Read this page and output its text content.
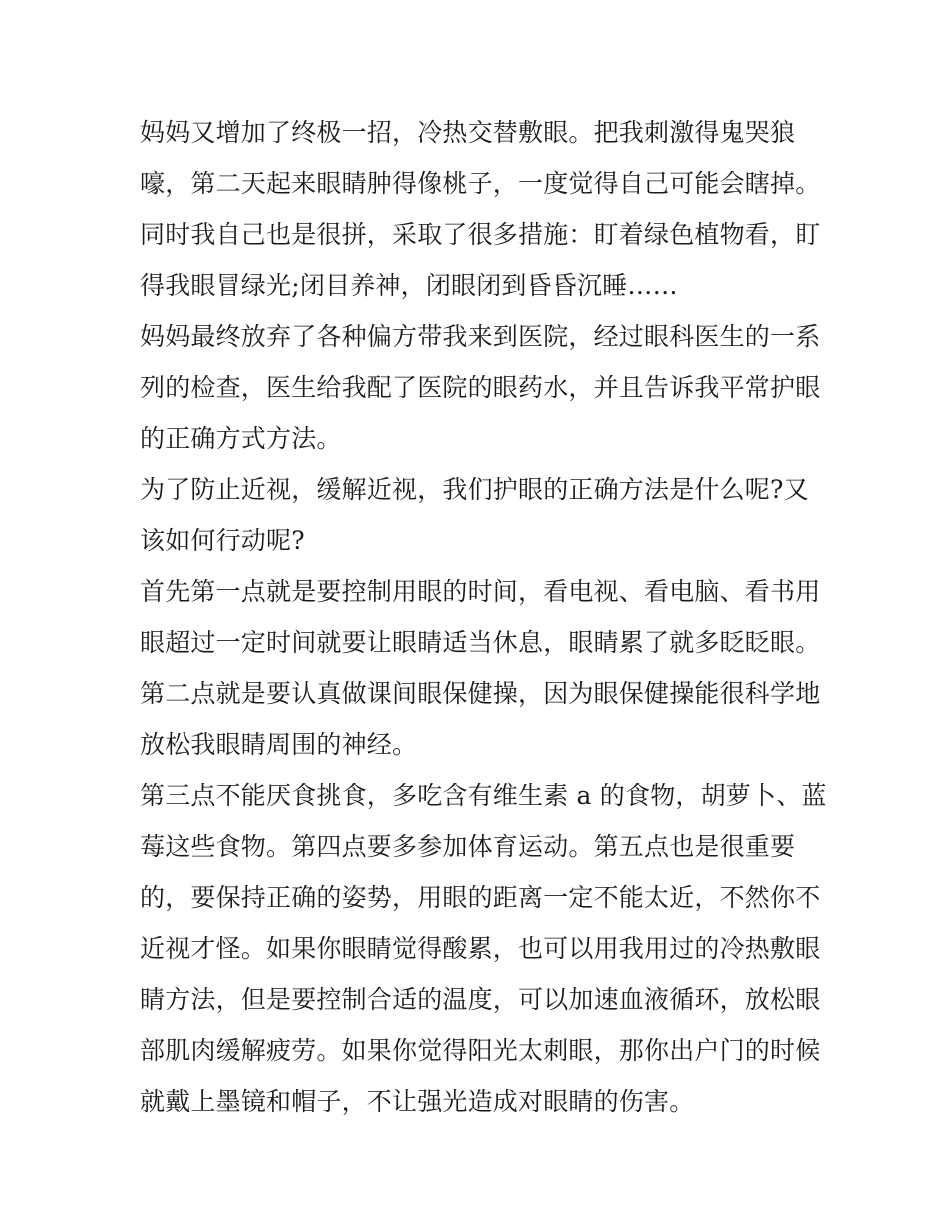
妈妈又增加了终极一招，冷热交替敷眼。把我刺激得鬼哭狼
嚎，第二天起来眼睛肿得像桃子，一度觉得自己可能会瞎掉。
同时我自己也是很拼，采取了很多措施：盯着绿色植物看，盯
得我眼冒绿光;闭目养神，闭眼闭到昏昏沉睡……
妈妈最终放弃了各种偏方带我来到医院，经过眼科医生的一系
列的检查，医生给我配了医院的眼药水，并且告诉我平常护眼
的正确方式方法。
为了防止近视，缓解近视，我们护眼的正确方法是什么呢?又
该如何行动呢?
首先第一点就是要控制用眼的时间，看电视、看电脑、看书用
眼超过一定时间就要让眼睛适当休息，眼睛累了就多眨眨眼。
第二点就是要认真做课间眼保健操，因为眼保健操能很科学地
放松我眼睛周围的神经。
第三点不能厌食挑食，多吃含有维生素 a 的食物，胡萝卜、蓝
莓这些食物。第四点要多参加体育运动。第五点也是很重要
的，要保持正确的姿势，用眼的距离一定不能太近，不然你不
近视才怪。如果你眼睛觉得酸累，也可以用我用过的冷热敷眼
睛方法，但是要控制合适的温度，可以加速血液循环，放松眼
部肌肉缓解疲劳。如果你觉得阳光太刺眼，那你出户门的时候
就戴上墨镜和帽子，不让强光造成对眼睛的伤害。
